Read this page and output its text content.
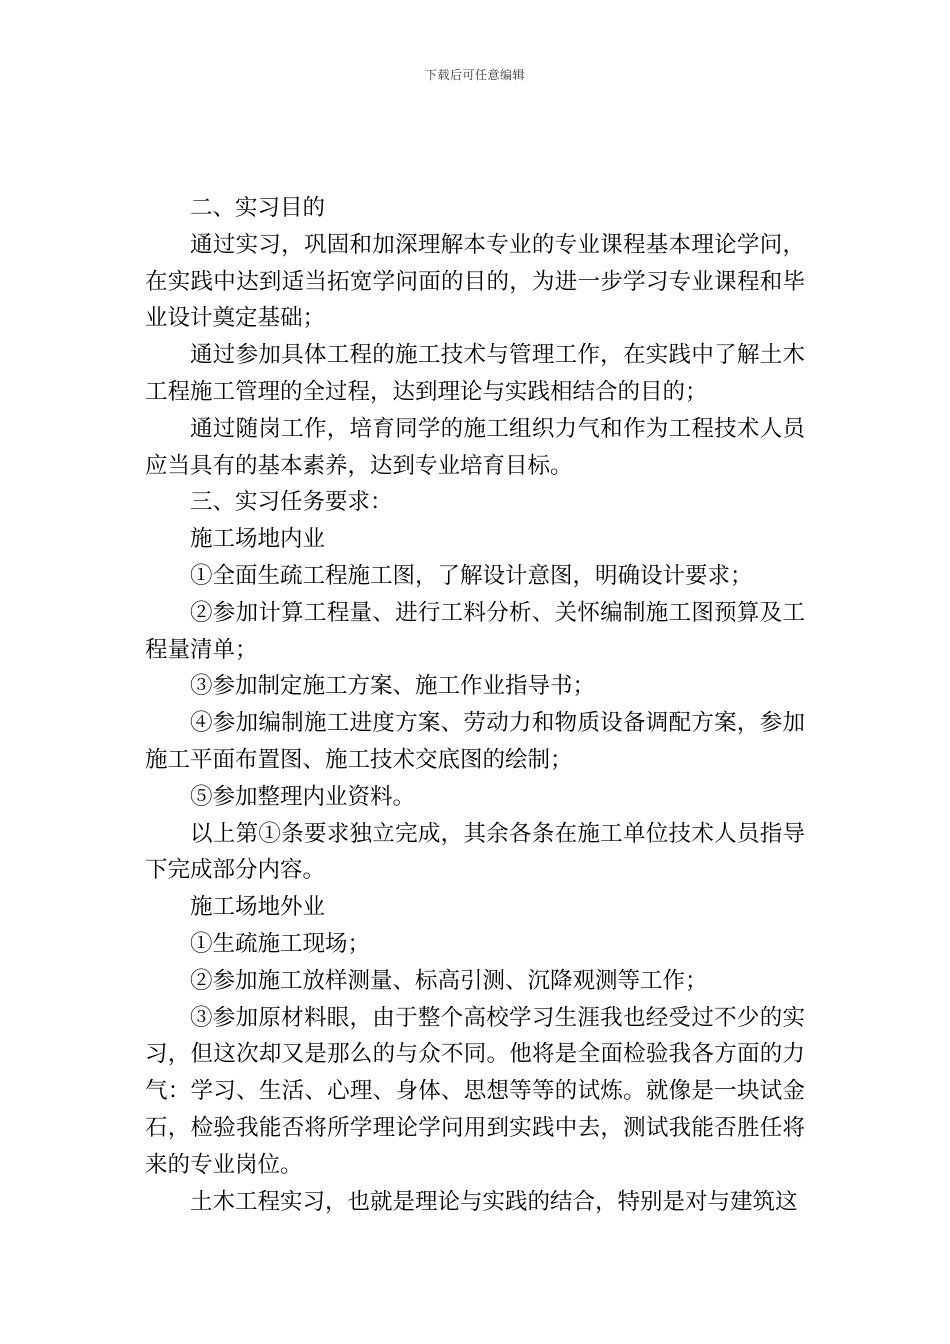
下载后可任意编辑

二、实习目的

通过实习，巩固和加深理解本专业的专业课程基本理论学问，在实践中达到适当拓宽学问面的目的，为进一步学习专业课程和毕业设计奠定基础；

通过参加具体工程的施工技术与管理工作，在实践中了解土木工程施工管理的全过程，达到理论与实践相结合的目的；

通过随岗工作，培育同学的施工组织力气和作为工程技术人员应当具有的基本素养，达到专业培育目标。

三、实习任务要求：

施工场地内业

①全面生疏工程施工图，了解设计意图，明确设计要求；

②参加计算工程量、进行工料分析、关怀编制施工图预算及工程量清单；

③参加制定施工方案、施工作业指导书；

④参加编制施工进度方案、劳动力和物质设备调配方案，参加施工平面布置图、施工技术交底图的绘制；

⑤参加整理内业资料。

以上第①条要求独立完成，其余各条在施工单位技术人员指导下完成部分内容。

施工场地外业

①生疏施工现场；

②参加施工放样测量、标高引测、沉降观测等工作；

③参加原材料眼，由于整个高校学习生涯我也经受过不少的实习，但这次却又是那么的与众不同。他将是全面检验我各方面的力气：学习、生活、心理、身体、思想等等的试炼。就像是一块试金石，检验我能否将所学理论学问用到实践中去，测试我能否胜任将来的专业岗位。

土木工程实习，也就是理论与实践的结合，特别是对与建筑这
